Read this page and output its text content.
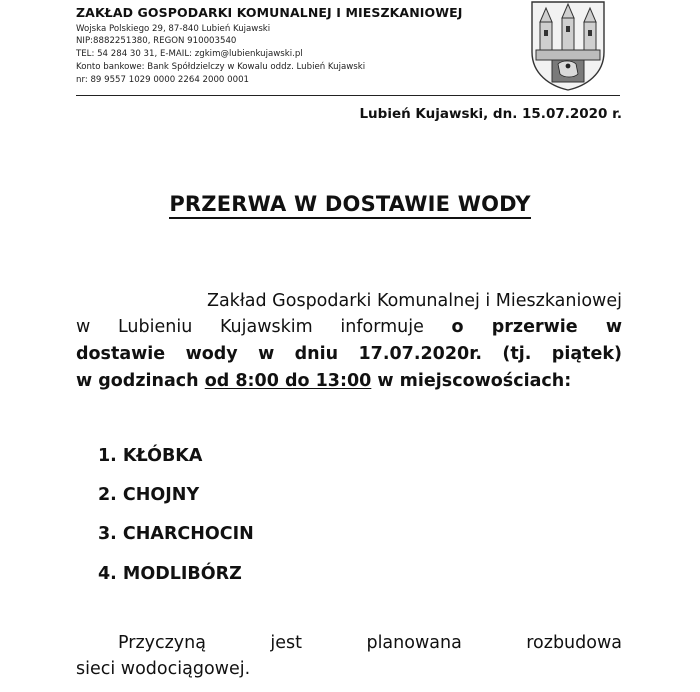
ZAKŁAD GOSPODARKI KOMUNALNEJ I MIESZKANIOWEJ
Wojska Polskiego 29, 87-840 Lubień Kujawski
NIP:8882251380, REGON 910003540
TEL: 54 284 30 31, E-MAIL: zgkim@lubienkujawski.pl
Konto bankowe: Bank Spółdzielczy w Kowalu oddz. Lubień Kujawski
nr: 89 9557 1029 0000 2264 2000 0001
Lubień Kujawski, dn. 15.07.2020 r.
PRZERWA W DOSTAWIE WODY
Zakład Gospodarki Komunalnej i Mieszkaniowej
w Lubieniu Kujawskim informuje o przerwie w
dostawie wody w dniu 17.07.2020r. (tj. piątek)
w godzinach od 8:00 do 13:00 w miejscowościach:
1. KŁÓBKA
2. CHOJNY
3. CHARCHOCIN
4. MODLIBÓRZ
Przyczyną jest planowana rozbudowa
sieci wodociągowej.
